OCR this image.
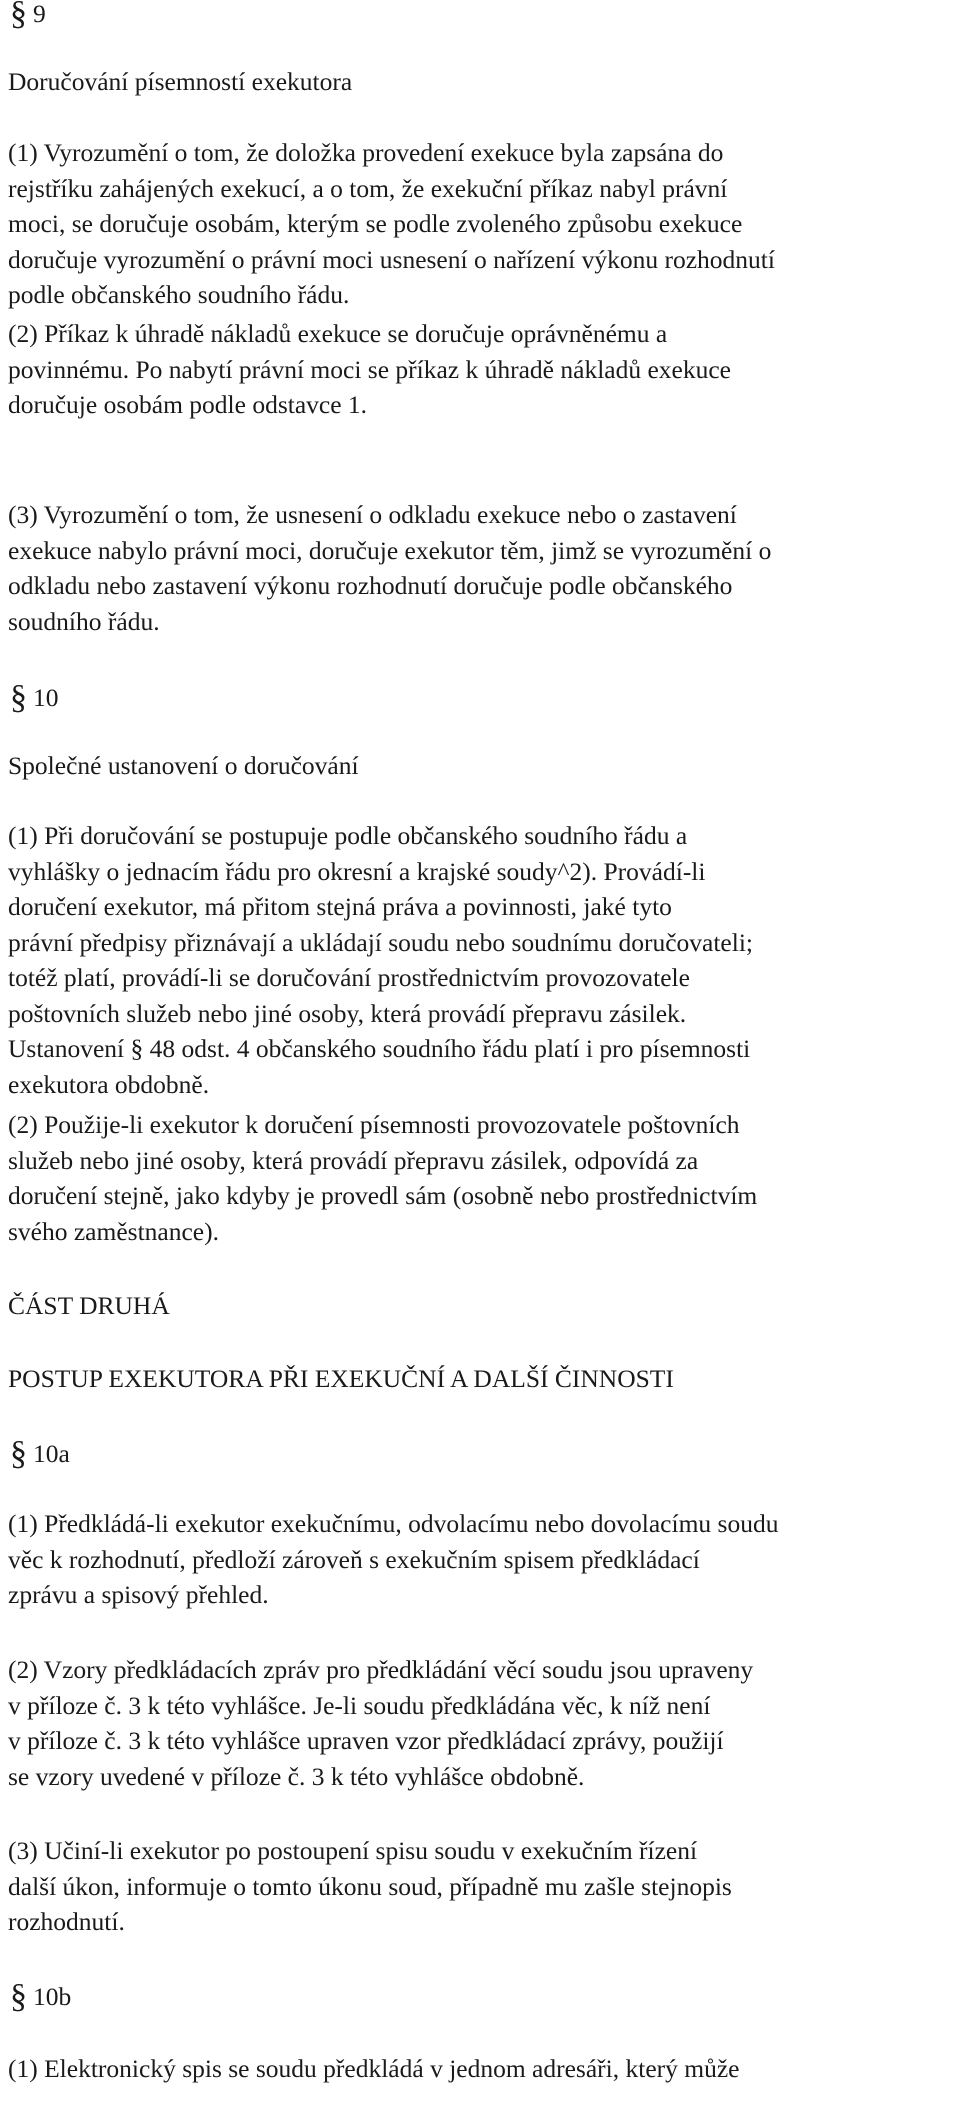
§ 9
Doručování písemností exekutora
(1) Vyrozumění o tom, že doložka provedení exekuce byla zapsána do
rejstříku zahájených exekucí, a o tom, že exekuční příkaz nabyl právní
moci, se doručuje osobám, kterým se podle zvoleného způsobu exekuce
doručuje vyrozumění o právní moci usnesení o nařízení výkonu rozhodnutí
podle občanského soudního řádu.
(2) Příkaz k úhradě nákladů exekuce se doručuje oprávněnému a
povinnému. Po nabytí právní moci se příkaz k úhradě nákladů exekuce
doručuje osobám podle odstavce 1.
(3) Vyrozumění o tom, že usnesení o odkladu exekuce nebo o zastavení
exekuce nabylo právní moci, doručuje exekutor těm, jimž se vyrozumění o
odkladu nebo zastavení výkonu rozhodnutí doručuje podle občanského
soudního řádu.
§ 10
Společné ustanovení o doručování
(1) Při doručování se postupuje podle občanského soudního řádu a
vyhlášky o jednacím řádu pro okresní a krajské soudy^2). Provádí-li
doručení exekutor, má přitom stejná práva a povinnosti, jaké tyto
právní předpisy přiznávají a ukládají soudu nebo soudnímu doručovateli;
totéž platí, provádí-li se doručování prostřednictvím provozovatele
poštovních služeb nebo jiné osoby, která provádí přepravu zásilek.
Ustanovení § 48 odst. 4 občanského soudního řádu platí i pro písemnosti
exekutora obdobně.
(2) Použije-li exekutor k doručení písemnosti provozovatele poštovních
služeb nebo jiné osoby, která provádí přepravu zásilek, odpovídá za
doručení stejně, jako kdyby je provedl sám (osobně nebo prostřednictvím
svého zaměstnance).
ČÁST DRUHÁ
POSTUP EXEKUTORA PŘI EXEKUČNÍ A DALŠÍ ČINNOSTI
§ 10a
(1) Předkládá-li exekutor exekučnímu, odvolacímu nebo dovolacímu soudu
věc k rozhodnutí, předloží zároveň s exekučním spisem předkládací
zprávu a spisový přehled.
(2) Vzory předkládacích zpráv pro předkládání věcí soudu jsou upraveny
v příloze č. 3 k této vyhlášce. Je-li soudu předkládána věc, k níž není
v příloze č. 3 k této vyhlášce upraven vzor předkládací zprávy, použijí
se vzory uvedené v příloze č. 3 k této vyhlášce obdobně.
(3) Učiní-li exekutor po postoupení spisu soudu v exekučním řízení
další úkon, informuje o tomto úkonu soud, případně mu zašle stejnopis
rozhodnutí.
§ 10b
(1) Elektronický spis se soudu předkládá v jednom adresáři, který může
